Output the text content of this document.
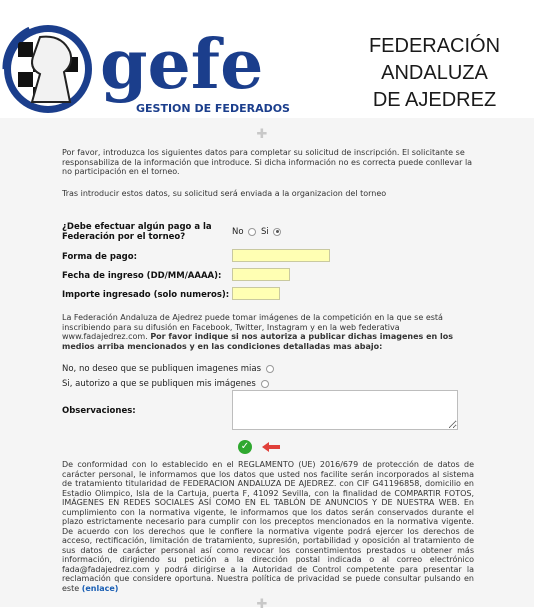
gefe
GESTION DE FEDERADOS
FEDERACIÓN
ANDALUZA
DE AJEDREZ
✚
Por favor, introduzca los siguientes datos para completar su solicitud de inscripción. El solicitante se responsabiliza de la información que introduce. Si dicha información no es correcta puede conllevar la no participación en el torneo.
Tras introducir estos datos, su solicitud será enviada a la organizacion del torneo
¿Debe efectuar algún pago a la
Federación por el torneo?	No Si
Forma de pago:
Fecha de ingreso (DD/MM/AAAA):
Importe ingresado (solo numeros):
La Federación Andaluza de Ajedrez puede tomar imágenes de la competición en la que se está inscribiendo para su difusión en Facebook, Twitter, Instagram y en la web federativa www.fadajedrez.com. Por favor indique si nos autoriza a publicar dichas imagenes en los medios arriba mencionados y en las condiciones detalladas mas abajo:
No, no deseo que se publiquen imagenes mias
Si, autorizo a que se publiquen mis imágenes
Observaciones:
✓
De conformidad con lo establecido en el REGLAMENTO (UE) 2016/679 de protección de datos de carácter personal, le informamos que los datos que usted nos facilite serán incorporados al sistema de tratamiento titularidad de FEDERACION ANDALUZA DE AJEDREZ. con CIF G41196858, domicilio en Estadio Olimpico, Isla de la Cartuja, puerta F, 41092 Sevilla, con la finalidad de COMPARTIR FOTOS, IMÁGENES EN REDES SOCIALES ASÍ COMO EN EL TABLÓN DE ANUNCIOS Y DE NUESTRA WEB. En cumplimiento con la normativa vigente, le informamos que los datos serán conservados durante el plazo estrictamente necesario para cumplir con los preceptos mencionados en la normativa vigente. De acuerdo con los derechos que le confiere la normativa vigente podrá ejercer los derechos de acceso, rectificación, limitación de tratamiento, supresión, portabilidad y oposición al tratamiento de sus datos de carácter personal así como revocar los consentimientos prestados u obtener más información, dirigiendo su petición a la dirección postal indicada o al correo electrónico fada@fadajedrez.com y podrá dirigirse a la Autoridad de Control competente para presentar la reclamación que considere oportuna. Nuestra política de privacidad se puede consultar pulsando en este (enlace)
✚
